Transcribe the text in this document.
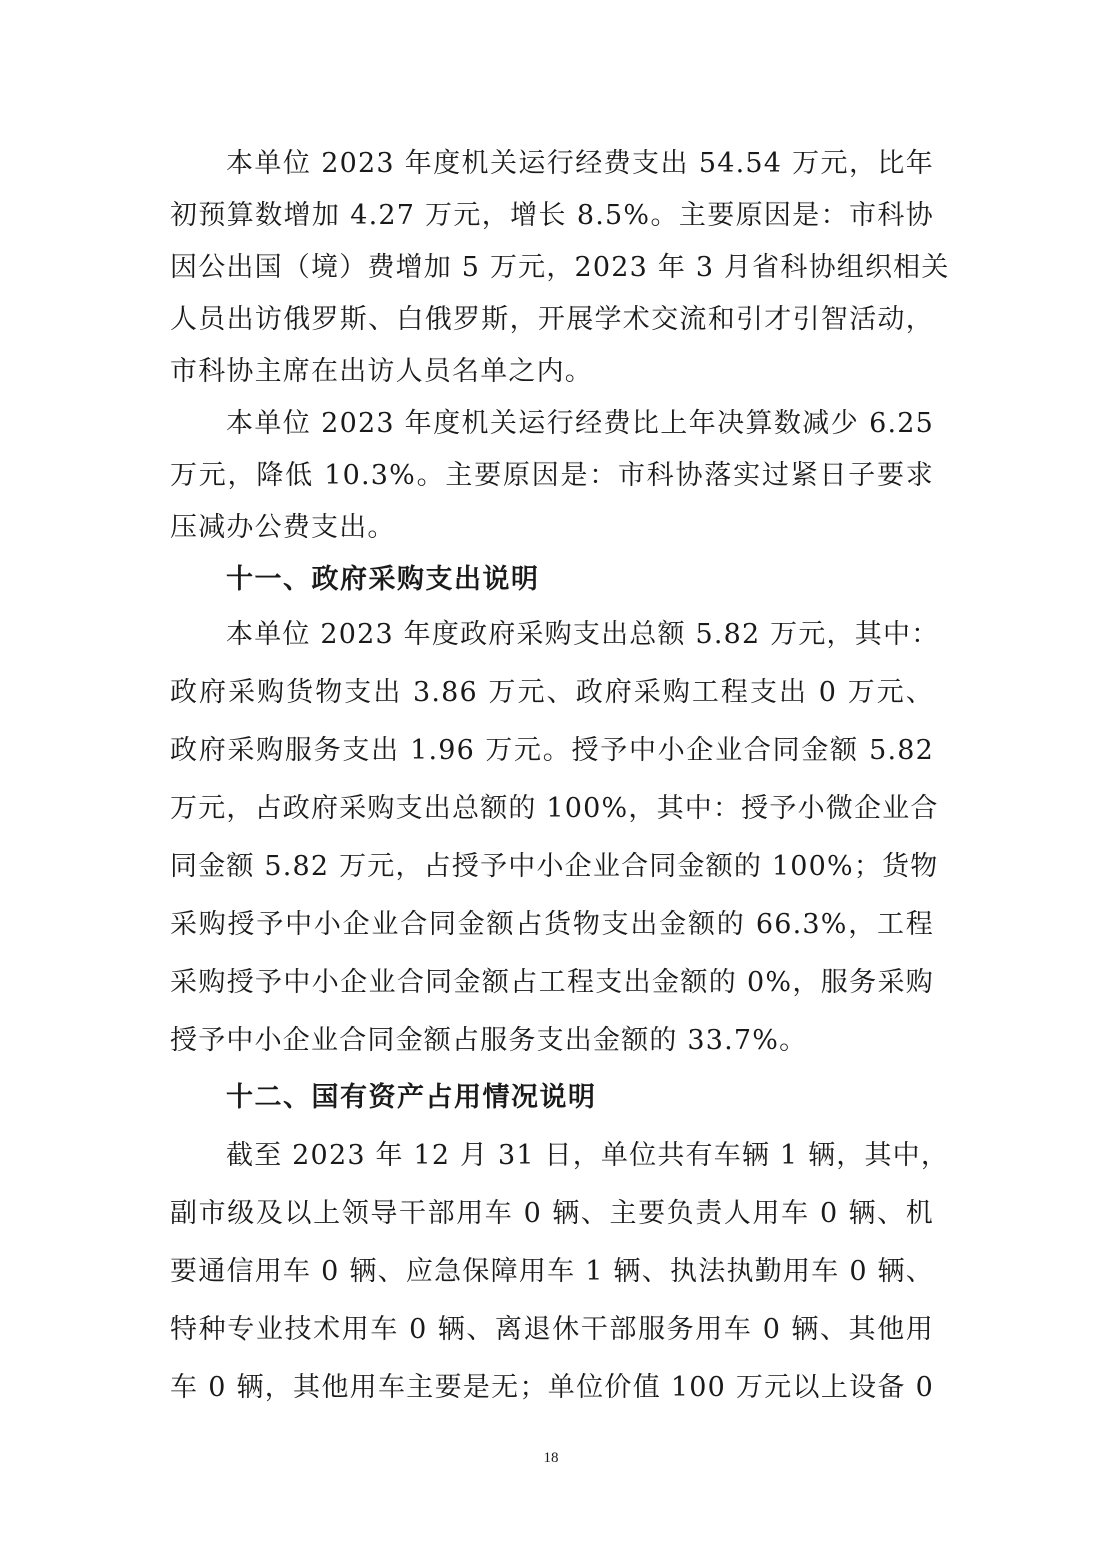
本单位 2023 年度机关运行经费支出 54.54 万元，比年
初预算数增加 4.27 万元，增长 8.5%。主要原因是：市科协
因公出国（境）费增加 5 万元，2023 年 3 月省科协组织相关
人员出访俄罗斯、白俄罗斯，开展学术交流和引才引智活动，
市科协主席在出访人员名单之内。
本单位 2023 年度机关运行经费比上年决算数减少 6.25
万元，降低 10.3%。主要原因是：市科协落实过紧日子要求
压减办公费支出。
十一、政府采购支出说明
本单位 2023 年度政府采购支出总额 5.82 万元，其中：
政府采购货物支出 3.86 万元、政府采购工程支出 0 万元、
政府采购服务支出 1.96 万元。授予中小企业合同金额 5.82
万元，占政府采购支出总额的 100%，其中：授予小微企业合
同金额 5.82 万元，占授予中小企业合同金额的 100%；货物
采购授予中小企业合同金额占货物支出金额的 66.3%，工程
采购授予中小企业合同金额占工程支出金额的 0%，服务采购
授予中小企业合同金额占服务支出金额的 33.7%。
十二、国有资产占用情况说明
截至 2023 年 12 月 31 日，单位共有车辆 1 辆，其中，
副市级及以上领导干部用车 0 辆、主要负责人用车 0 辆、机
要通信用车 0 辆、应急保障用车 1 辆、执法执勤用车 0 辆、
特种专业技术用车 0 辆、离退休干部服务用车 0 辆、其他用
车 0 辆，其他用车主要是无；单位价值 100 万元以上设备 0
18
